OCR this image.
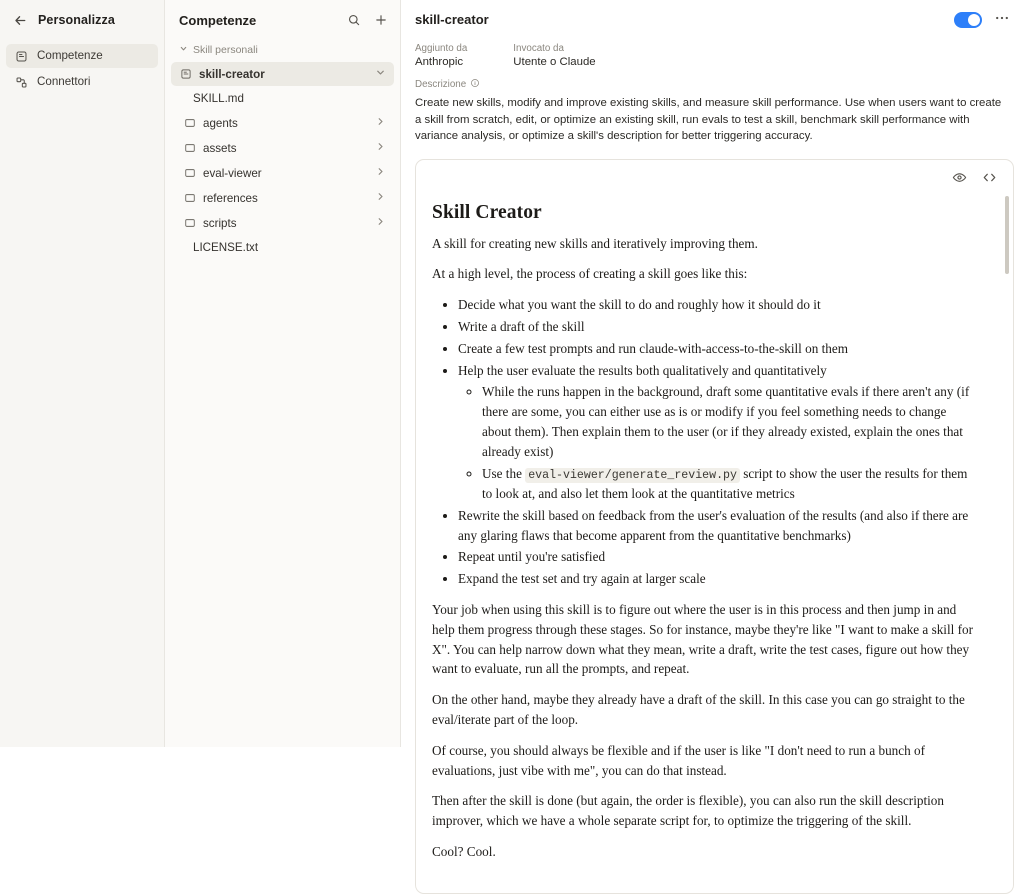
Personalizza
Competenze
Connettori
Competenze
Skill personali
skill-creator
SKILL.md
agents
assets
eval-viewer
references
scripts
LICENSE.txt
skill-creator
Aggiunto da
Anthropic
Invocato da
Utente o Claude
Descrizione
Create new skills, modify and improve existing skills, and measure skill performance. Use when users want to create a skill from scratch, edit, or optimize an existing skill, run evals to test a skill, benchmark skill performance with variance analysis, or optimize a skill's description for better triggering accuracy.
Skill Creator

A skill for creating new skills and iteratively improving them.

At a high level, the process of creating a skill goes like this:

• Decide what you want the skill to do and roughly how it should do it
• Write a draft of the skill
• Create a few test prompts and run claude-with-access-to-the-skill on them
• Help the user evaluate the results both qualitatively and quantitatively
◦ While the runs happen in the background, draft some quantitative evals if there aren't any (if there are some, you can either use as is or modify if you feel something needs to change about them). Then explain them to the user (or if they already existed, explain the ones that already exist)
◦ Use the eval-viewer/generate_review.py script to show the user the results for them to look at, and also let them look at the quantitative metrics
• Rewrite the skill based on feedback from the user's evaluation of the results (and also if there are any glaring flaws that become apparent from the quantitative benchmarks)
• Repeat until you're satisfied
• Expand the test set and try again at larger scale

Your job when using this skill is to figure out where the user is in this process and then jump in and help them progress through these stages. So for instance, maybe they're like "I want to make a skill for X". You can help narrow down what they mean, write a draft, write the test cases, figure out how they want to evaluate, run all the prompts, and repeat.

On the other hand, maybe they already have a draft of the skill. In this case you can go straight to the eval/iterate part of the loop.

Of course, you should always be flexible and if the user is like "I don't need to run a bunch of evaluations, just vibe with me", you can do that instead.

Then after the skill is done (but again, the order is flexible), you can also run the skill description improver, which we have a whole separate script for, to optimize the triggering of the skill.

Cool? Cool.
